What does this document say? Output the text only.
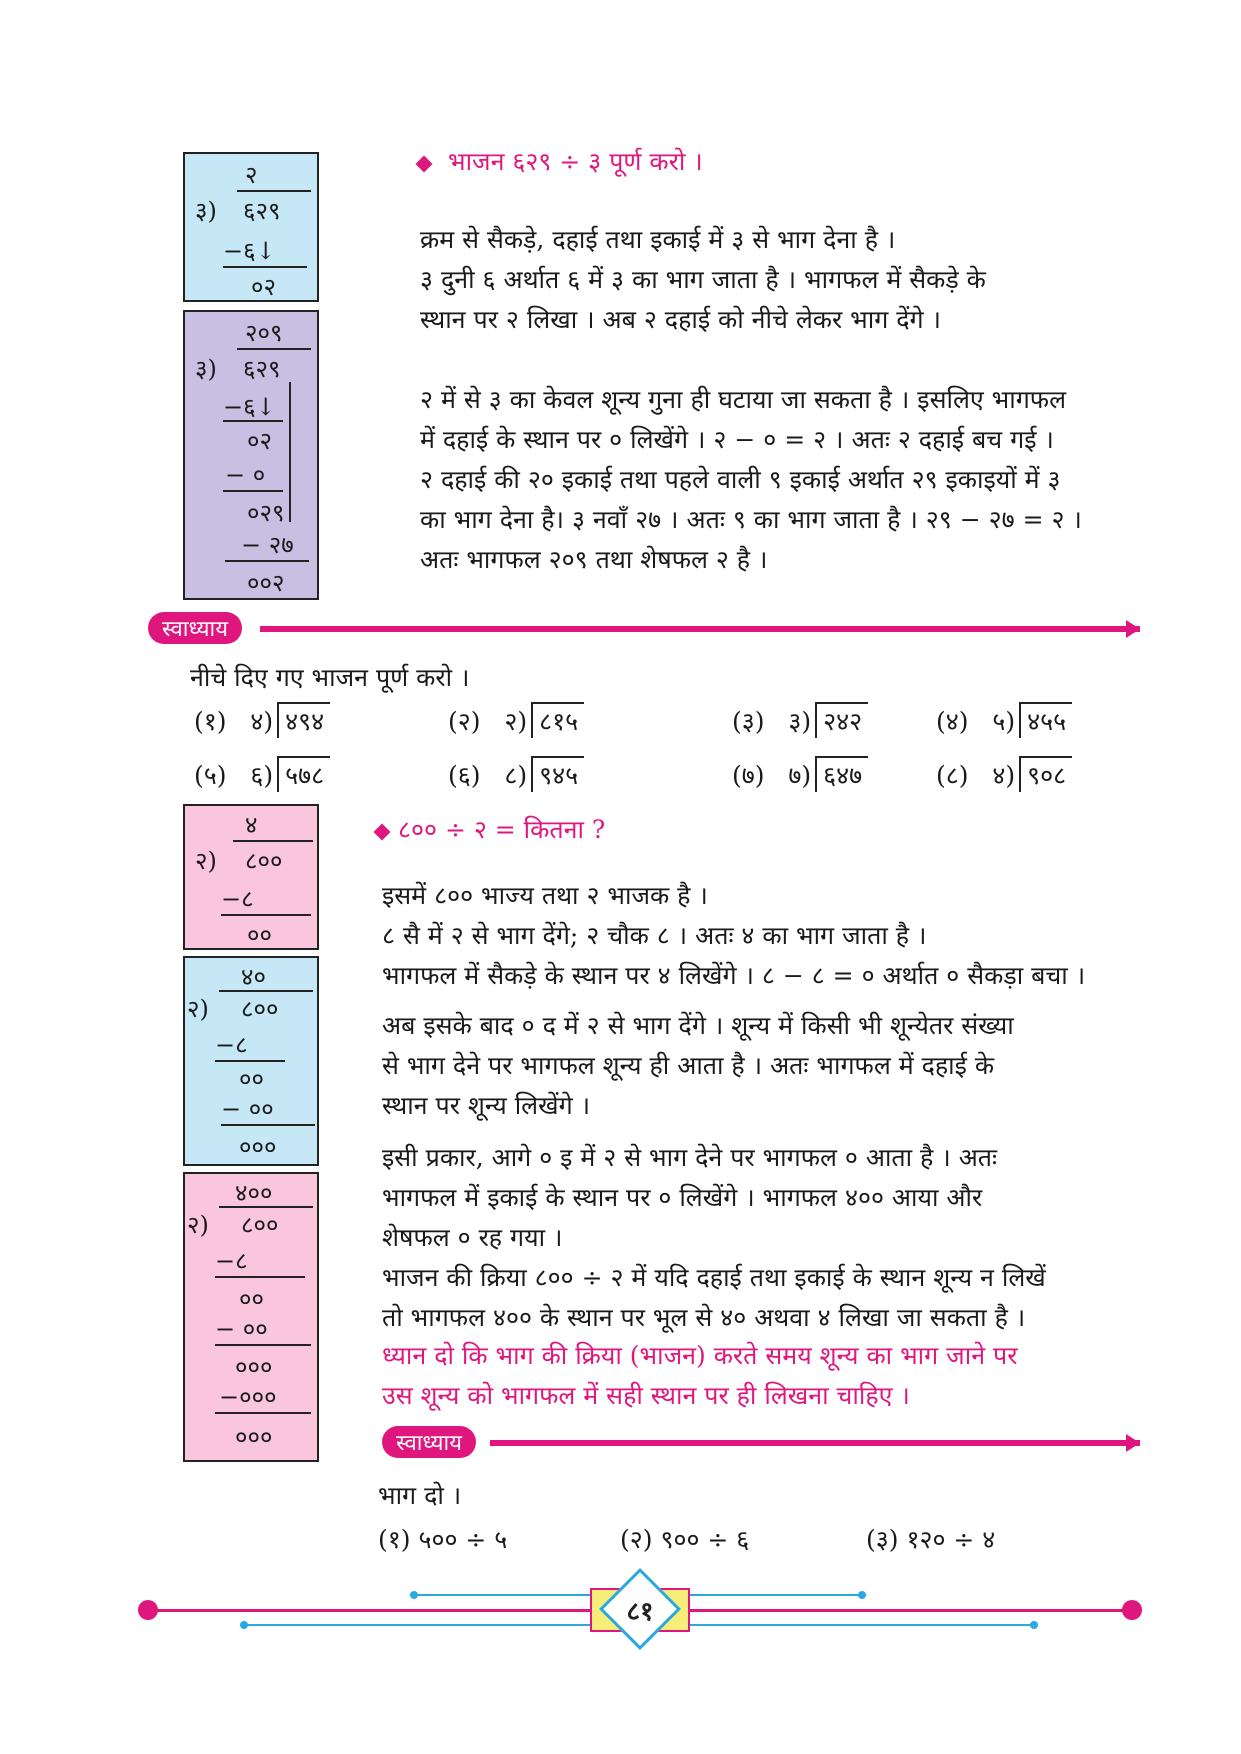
२
३) ६२९
−६↓
०२
२०९
३) ६२९
−६↓
०२
− ०
०२९
− २७
००२
भाजन ६२९ ÷ ३ पूर्ण करो ।
क्रम से सैकड़े, दहाई तथा इकाई में ३ से भाग देना है ।
३ दुनी ६ अर्थात ६ में ३ का भाग जाता है । भागफल में सैकड़े के
स्थान पर २ लिखा । अब २ दहाई को नीचे लेकर भाग देंगे ।
२ में से ३ का केवल शून्य गुना ही घटाया जा सकता है । इसलिए भागफल
में दहाई के स्थान पर ० लिखेंगे । २ − ० = २ । अतः २ दहाई बच गई ।
२ दहाई की २० इकाई तथा पहले वाली ९ इकाई अर्थात २९ इकाइयों में ३
का भाग देना है। ३ नवाँ २७ । अतः ९ का भाग जाता है । २९ − २७ = २ ।
अतः भागफल २०९ तथा शेषफल २ है ।
स्वाध्याय
नीचे दिए गए भाजन पूर्ण करो ।
(१) ४) ४९४	(२) २) ८१५	(३) ३) २४२	(४) ५) ४५५
(५) ६) ५७८	(६) ८) ९४५	(७) ७) ६४७	(८) ४) ९०८
४
२) ८००
−८
००
४०
२) ८००
−८
००
− ००
०००
४००
२) ८००
−८
००
− ००
०००
−०००
०००
८०० ÷ २ = कितना ?
इसमें ८०० भाज्य तथा २ भाजक है ।
८ सै में २ से भाग देंगे; २ चौक ८ । अतः ४ का भाग जाता है ।
भागफल में सैकड़े के स्थान पर ४ लिखेंगे । ८ − ८ = ० अर्थात ० सैकड़ा बचा ।
अब इसके बाद ० द में २ से भाग देंगे । शून्य में किसी भी शून्येतर संख्या
से भाग देने पर भागफल शून्य ही आता है । अतः भागफल में दहाई के
स्थान पर शून्य लिखेंगे ।
इसी प्रकार, आगे ० इ में २ से भाग देने पर भागफल ० आता है । अतः
भागफल में इकाई के स्थान पर ० लिखेंगे । भागफल ४०० आया और
शेषफल ० रह गया ।
भाजन की क्रिया ८०० ÷ २ में यदि दहाई तथा इकाई के स्थान शून्य न लिखें
तो भागफल ४०० के स्थान पर भूल से ४० अथवा ४ लिखा जा सकता है ।
ध्यान दो कि भाग की क्रिया (भाजन) करते समय शून्य का भाग जाने पर
उस शून्य को भागफल में सही स्थान पर ही लिखना चाहिए ।
स्वाध्याय
भाग दो ।
(१) ५०० ÷ ५	(२) ९०० ÷ ६	(३) १२० ÷ ४
८१
